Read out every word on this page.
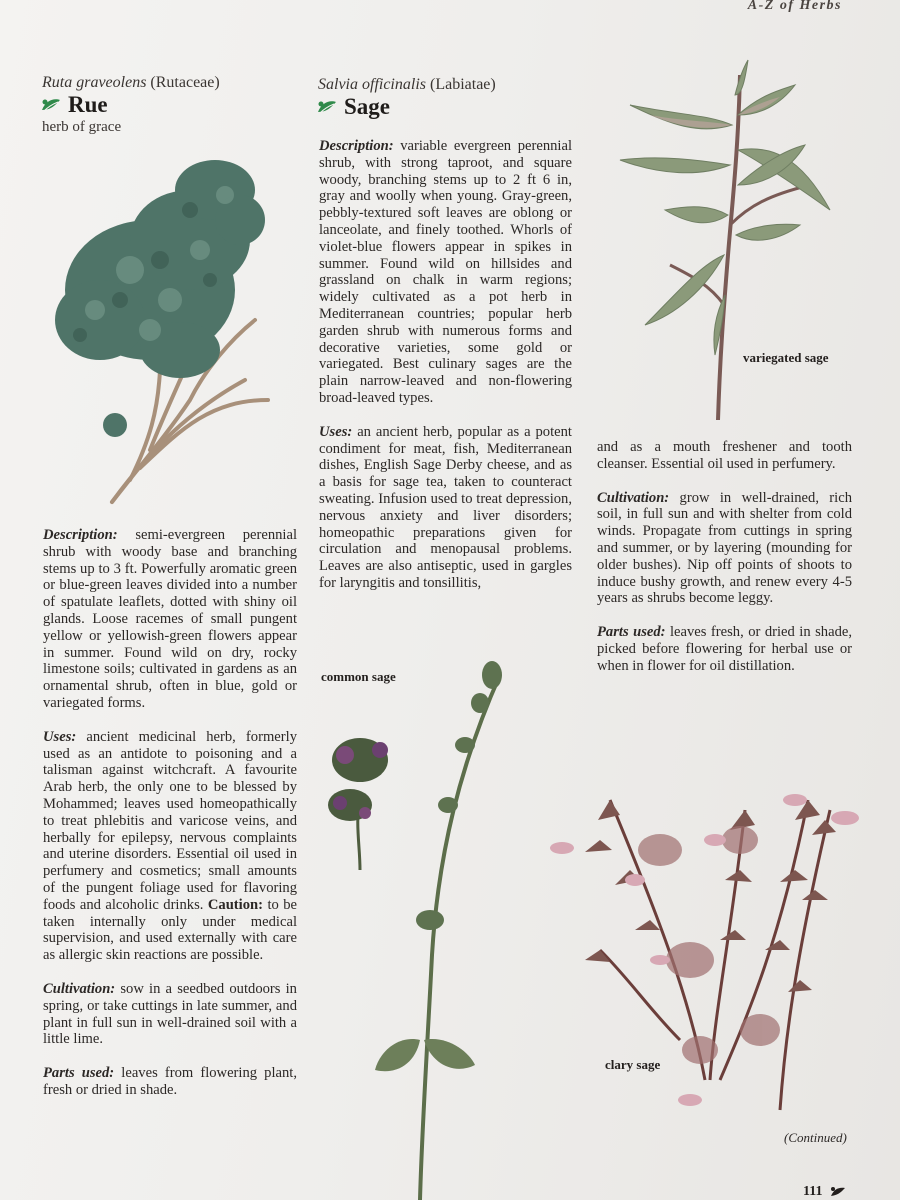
A-Z of Herbs
Ruta graveolens (Rutaceae)
Rue
herb of grace

Description: semi-evergreen perennial shrub with woody base and branching stems up to 3 ft. Powerfully aromatic green or blue-green leaves divided into a number of spatulate leaflets, dotted with shiny oil glands. Loose racemes of small pungent yellow or yellowish-green flowers appear in summer. Found wild on dry, rocky limestone soils; cultivated in gardens as an ornamental shrub, often in blue, gold or variegated forms.

Uses: ancient medicinal herb, formerly used as an antidote to poisoning and a talisman against witchcraft. A favourite Arab herb, the only one to be blessed by Mohammed; leaves used homeopathically to treat phlebitis and varicose veins, and herbally for epilepsy, nervous complaints and uterine disorders. Essential oil used in perfumery and cosmetics; small amounts of the pungent foliage used for flavoring foods and alcoholic drinks. Caution: to be taken internally only under medical supervision, and used externally with care as allergic skin reactions are possible.

Cultivation: sow in a seedbed outdoors in spring, or take cuttings in late summer, and plant in full sun in well-drained soil with a little lime.

Parts used: leaves from flowering plant, fresh or dried in shade.

Salvia officinalis (Labiatae)
Sage

Description: variable evergreen perennial shrub, with strong taproot, and square woody, branching stems up to 2 ft 6 in, gray and woolly when young. Gray-green, pebbly-textured soft leaves are oblong or lanceolate, and finely toothed. Whorls of violet-blue flowers appear in spikes in summer. Found wild on hillsides and grassland on chalk in warm regions; widely cultivated as a pot herb in Mediterranean countries; popular herb garden shrub with numerous forms and decorative varieties, some gold or variegated. Best culinary sages are the plain narrow-leaved and non-flowering broad-leaved types.

Uses: an ancient herb, popular as a potent condiment for meat, fish, Mediterranean dishes, English Sage Derby cheese, and as a basis for sage tea, taken to counteract sweating. Infusion used to treat depression, nervous anxiety and liver disorders; homeopathic preparations given for circulation and menopausal problems. Leaves are also antiseptic, used in gargles for laryngitis and tonsillitis,

and as a mouth freshener and tooth cleanser. Essential oil used in perfumery.

Cultivation: grow in well-drained, rich soil, in full sun and with shelter from cold winds. Propagate from cuttings in spring and summer, or by layering (mounding for older bushes). Nip off points of shoots to induce bushy growth, and renew every 4-5 years as shrubs become leggy.

Parts used: leaves fresh, or dried in shade, picked before flowering for herbal use or when in flower for oil distillation.

variegated sage
common sage
clary sage
(Continued)
111
